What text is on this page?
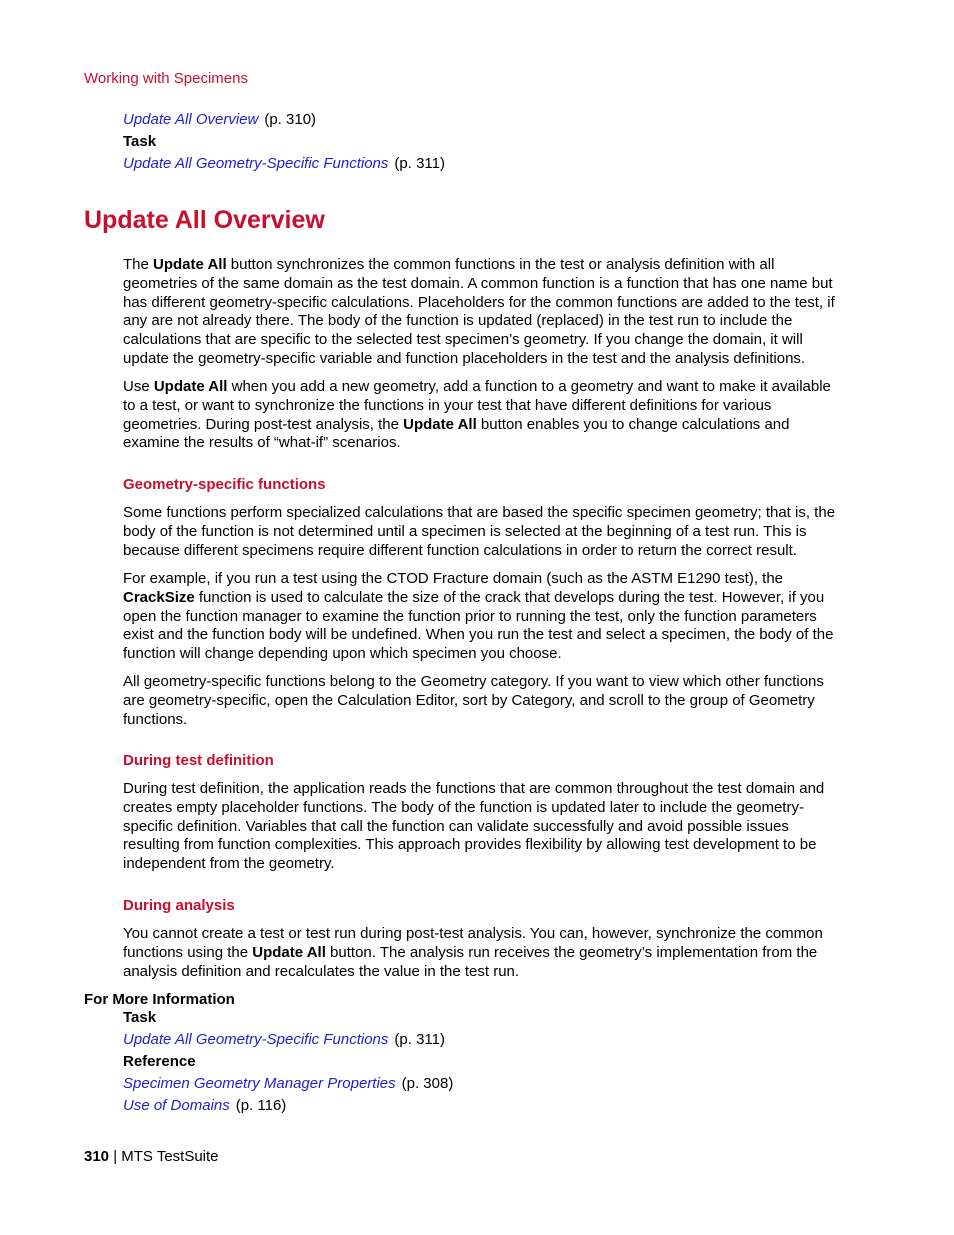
Working with Specimens
Update All Overview (p. 310)
Task
Update All Geometry-Specific Functions (p. 311)
Update All Overview
The Update All button synchronizes the common functions in the test or analysis definition with all geometries of the same domain as the test domain. A common function is a function that has one name but has different geometry-specific calculations. Placeholders for the common functions are added to the test, if any are not already there. The body of the function is updated (replaced) in the test run to include the calculations that are specific to the selected test specimen’s geometry. If you change the domain, it will update the geometry-specific variable and function placeholders in the test and the analysis definitions.
Use Update All when you add a new geometry, add a function to a geometry and want to make it available to a test, or want to synchronize the functions in your test that have different definitions for various geometries. During post-test analysis, the Update All button enables you to change calculations and examine the results of “what-if” scenarios.
Geometry-specific functions
Some functions perform specialized calculations that are based the specific specimen geometry; that is, the body of the function is not determined until a specimen is selected at the beginning of a test run. This is because different specimens require different function calculations in order to return the correct result.
For example, if you run a test using the CTOD Fracture domain (such as the ASTM E1290 test), the CrackSize function is used to calculate the size of the crack that develops during the test. However, if you open the function manager to examine the function prior to running the test, only the function parameters exist and the function body will be undefined. When you run the test and select a specimen, the body of the function will change depending upon which specimen you choose.
All geometry-specific functions belong to the Geometry category. If you want to view which other functions are geometry-specific, open the Calculation Editor, sort by Category, and scroll to the group of Geometry functions.
During test definition
During test definition, the application reads the functions that are common throughout the test domain and creates empty placeholder functions. The body of the function is updated later to include the geometry-specific definition. Variables that call the function can validate successfully and avoid possible issues resulting from function complexities. This approach provides flexibility by allowing test development to be independent from the geometry.
During analysis
You cannot create a test or test run during post-test analysis. You can, however, synchronize the common functions using the Update All button. The analysis run receives the geometry’s implementation from the analysis definition and recalculates the value in the test run.
For More Information
Task
Update All Geometry-Specific Functions (p. 311)
Reference
Specimen Geometry Manager Properties (p. 308)
Use of Domains (p. 116)
310 | MTS TestSuite
